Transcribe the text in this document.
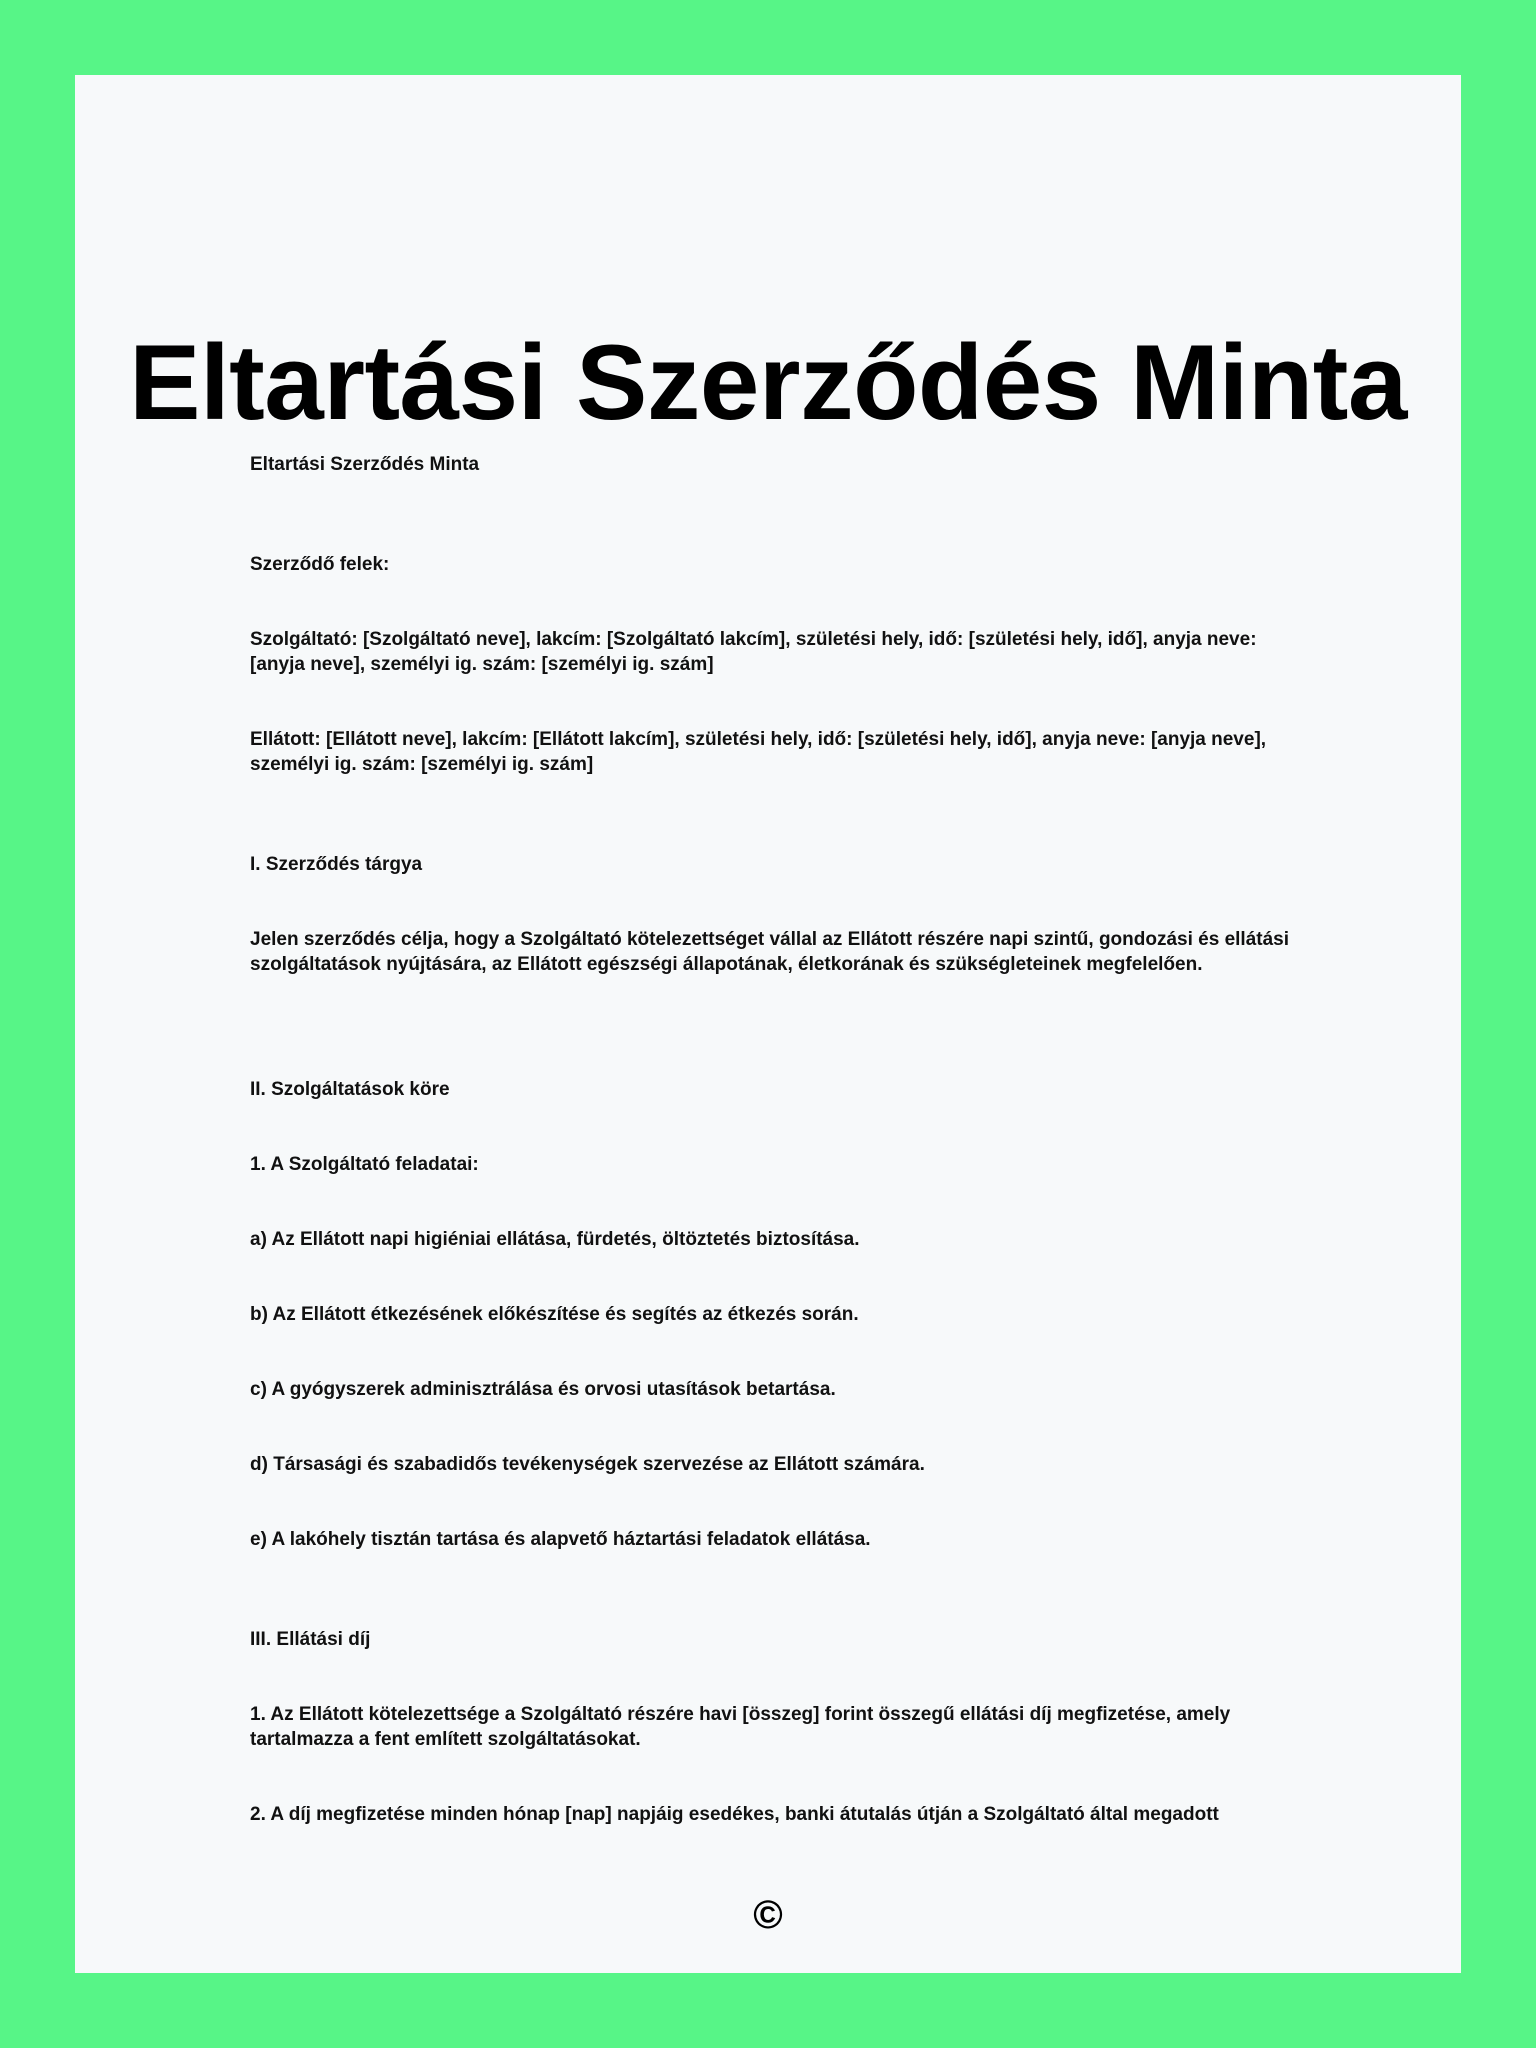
Eltartási Szerződés Minta

Eltartási Szerződés Minta

Szerződő felek:

Szolgáltató: [Szolgáltató neve], lakcím: [Szolgáltató lakcím], születési hely, idő: [születési hely, idő], anyja neve: [anyja neve], személyi ig. szám: [személyi ig. szám]

Ellátott: [Ellátott neve], lakcím: [Ellátott lakcím], születési hely, idő: [születési hely, idő], anyja neve: [anyja neve], személyi ig. szám: [személyi ig. szám]

I. Szerződés tárgya

Jelen szerződés célja, hogy a Szolgáltató kötelezettséget vállal az Ellátott részére napi szintű, gondozási és ellátási szolgáltatások nyújtására, az Ellátott egészségi állapotának, életkorának és szükségleteinek megfelelően.

II. Szolgáltatások köre

1. A Szolgáltató feladatai:

a) Az Ellátott napi higiéniai ellátása, fürdetés, öltöztetés biztosítása.

b) Az Ellátott étkezésének előkészítése és segítés az étkezés során.

c) A gyógyszerek adminisztrálása és orvosi utasítások betartása.

d) Társasági és szabadidős tevékenységek szervezése az Ellátott számára.

e) A lakóhely tisztán tartása és alapvető háztartási feladatok ellátása.

III. Ellátási díj

1. Az Ellátott kötelezettsége a Szolgáltató részére havi [összeg] forint összegű ellátási díj megfizetése, amely tartalmazza a fent említett szolgáltatásokat.

2. A díj megfizetése minden hónap [nap] napjáig esedékes, banki átutalás útján a Szolgáltató által megadott

©
